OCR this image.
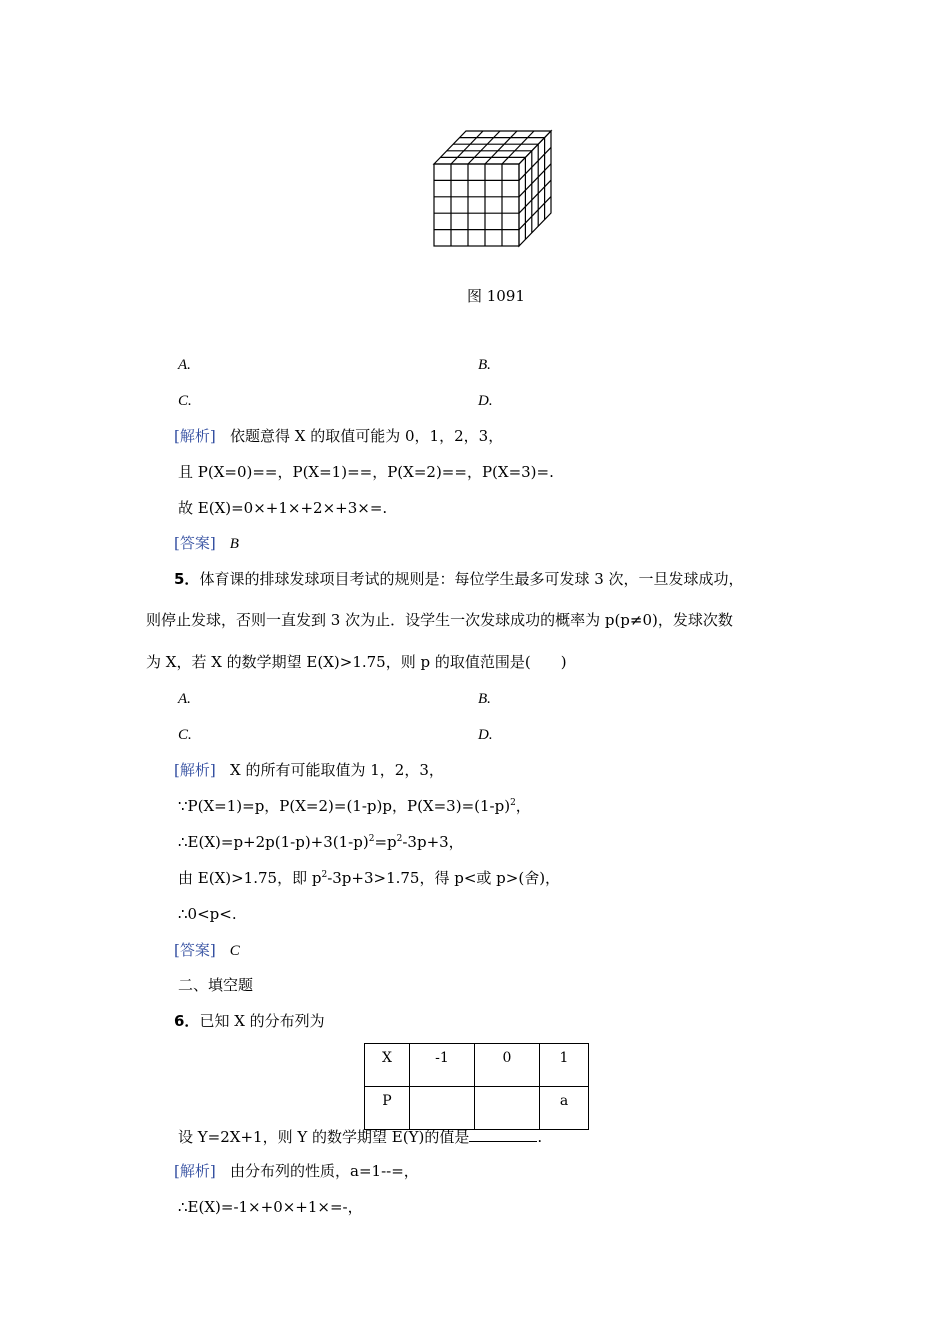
图 1091
A.	B.
C.	D.
[解析] 依题意得 X 的取值可能为 0，1，2，3，
且 P(X=0)==，P(X=1)==，P(X=2)==，P(X=3)=.
故 E(X)=0×+1×+2×+3×=.
[答案] B
5．体育课的排球发球项目考试的规则是：每位学生最多可发球 3 次，一旦发球成功，
则停止发球，否则一直发到 3 次为止．设学生一次发球成功的概率为 p(p≠0)，发球次数
为 X，若 X 的数学期望 E(X)>1.75，则 p 的取值范围是(　　)
A.	B.
C.	D.
[解析] X 的所有可能取值为 1，2，3，
∵P(X=1)=p，P(X=2)=(1-p)p，$P(X=3)=(1-p)^2$，
$\therefore E(X)=p+2p(1-p)+3(1-p)^2=p^2-3p+3$，
由 E(X)>1.75，即 $p^2-3p+3>1.75$，得 p<或 p>(舍)，
∴0<p<.
[答案] C
二、填空题
6．已知 X 的分布列为
X	-1	0	1
P			a
设 Y=2X+1，则 Y 的数学期望 E(Y)的值是	.
[解析] 由分布列的性质，a=1--=，
∴E(X)=-1×+0×+1×=-，
